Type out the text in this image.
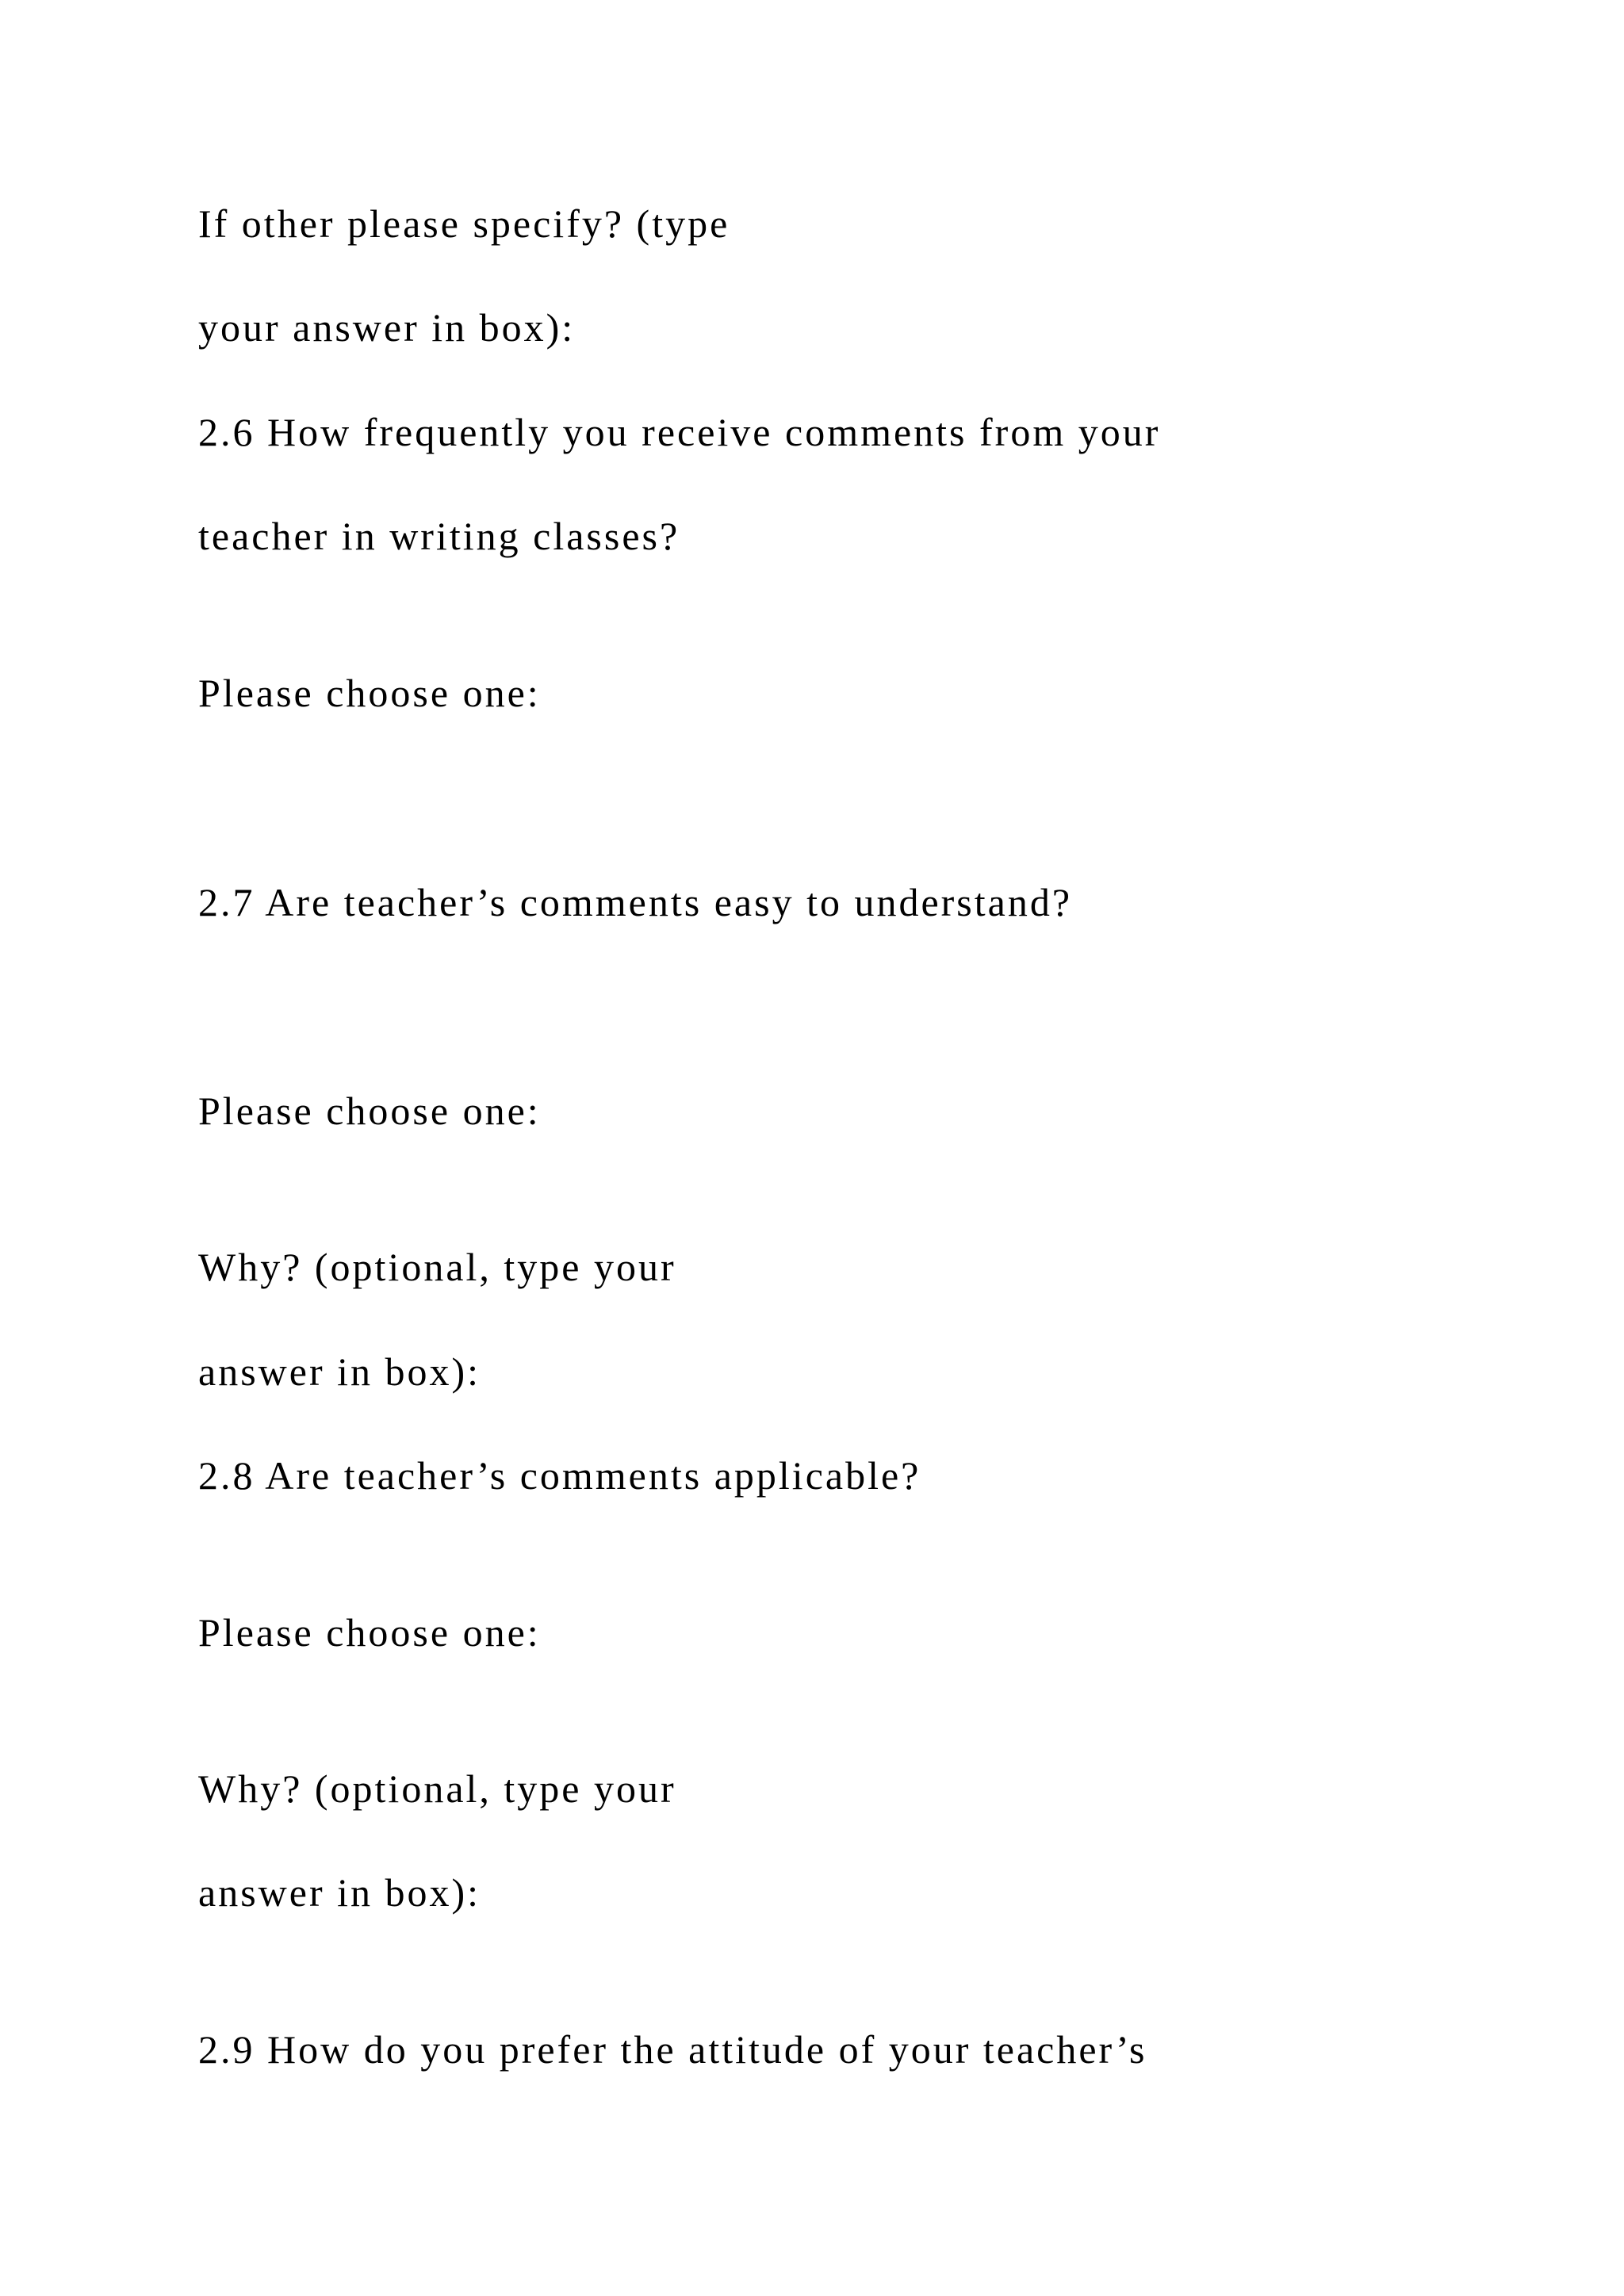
If other please specify? (type

your answer in box):

2.6 How frequently you receive comments from your

teacher in writing classes?

Please choose one:

2.7 Are teacher’s comments easy to understand?

Please choose one:

Why? (optional, type your

answer in box):

2.8 Are teacher’s comments applicable?

Please choose one:

Why? (optional, type your

answer in box):

2.9 How do you prefer the attitude of your teacher’s
